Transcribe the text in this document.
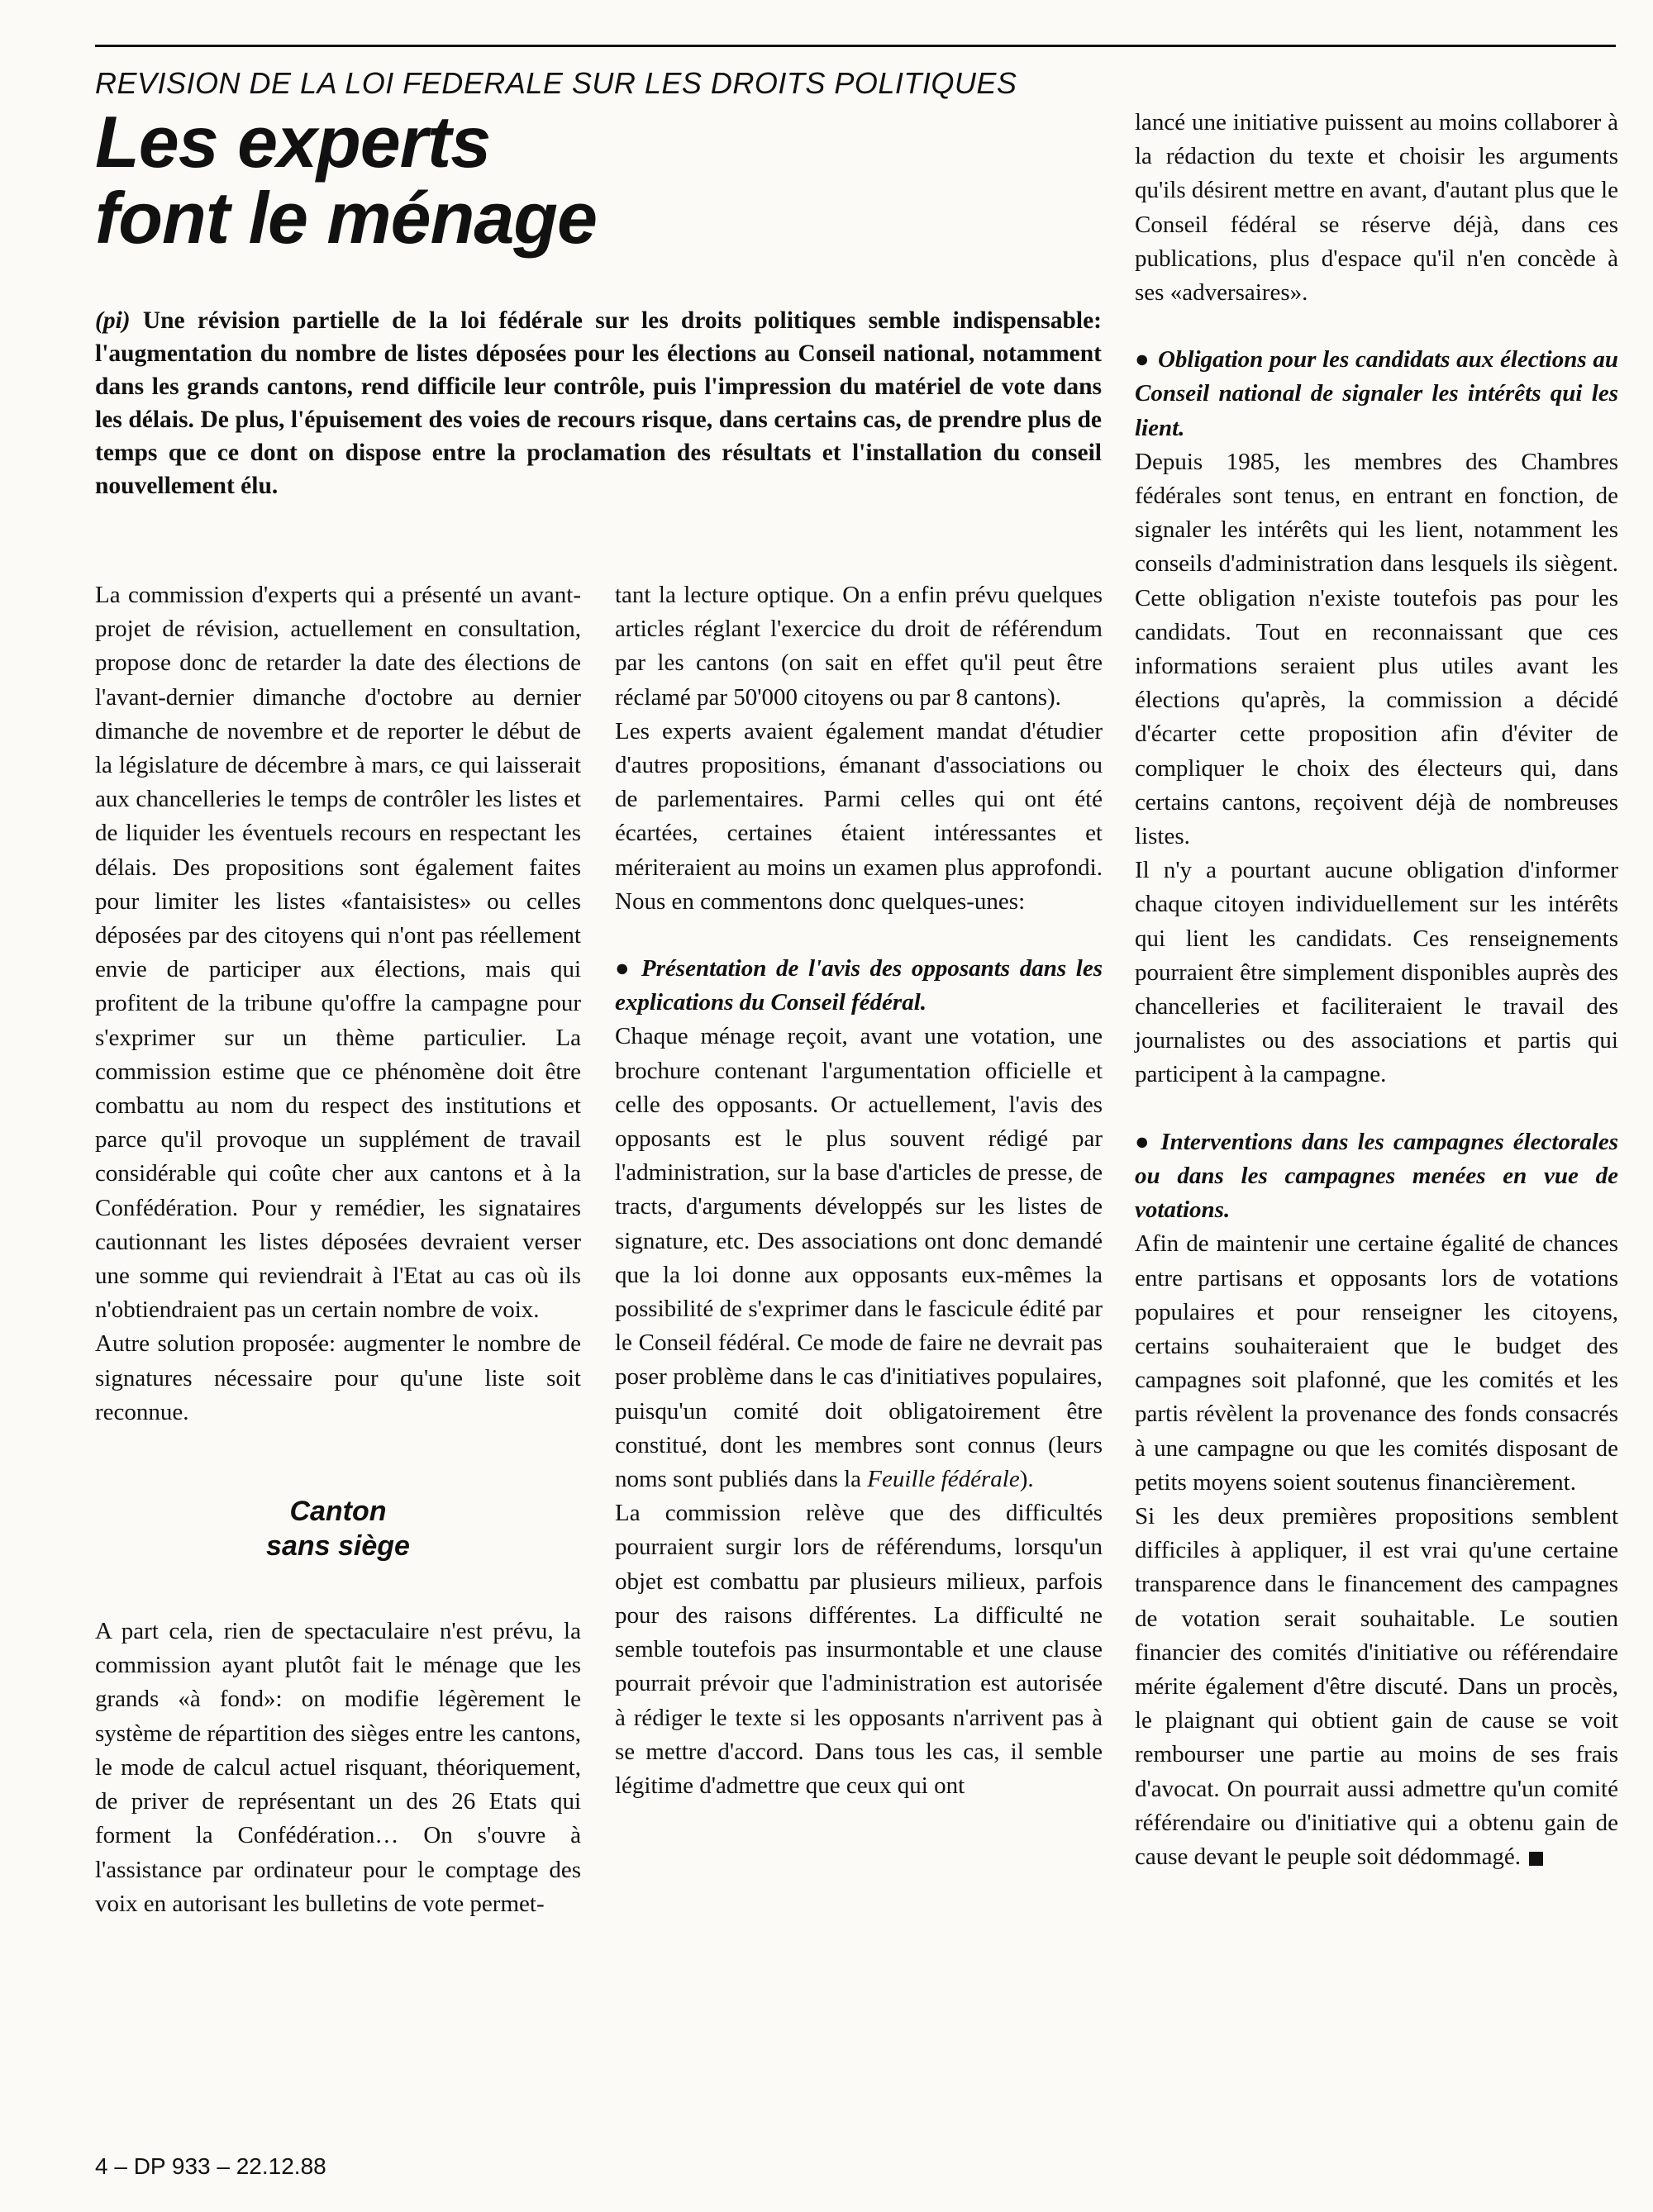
REVISION DE LA LOI FEDERALE SUR LES DROITS POLITIQUES
Les experts
font le ménage
(pi) Une révision partielle de la loi fédérale sur les droits politiques semble indispensable: l'augmentation du nombre de listes déposées pour les élections au Conseil national, notamment dans les grands cantons, rend difficile leur contrôle, puis l'impression du matériel de vote dans les délais. De plus, l'épuisement des voies de recours risque, dans certains cas, de prendre plus de temps que ce dont on dispose entre la proclamation des résultats et l'installation du conseil nouvellement élu.

La commission d'experts qui a présenté un avant-projet de révision, actuellement en consultation, propose donc de retarder la date des élections de l'avant-dernier dimanche d'octobre au dernier dimanche de novembre et de reporter le début de la législature de décembre à mars, ce qui laisserait aux chancelleries le temps de contrôler les listes et de liquider les éventuels recours en respectant les délais. Des propositions sont également faites pour limiter les listes «fantaisistes» ou celles déposées par des citoyens qui n'ont pas réellement envie de participer aux élections, mais qui profitent de la tribune qu'offre la campagne pour s'exprimer sur un thème particulier. La commission estime que ce phénomène doit être combattu au nom du respect des institutions et parce qu'il provoque un supplément de travail considérable qui coûte cher aux cantons et à la Confédération. Pour y remédier, les signataires cautionnant les listes déposées devraient verser une somme qui reviendrait à l'Etat au cas où ils n'obtiendraient pas un certain nombre de voix.

Autre solution proposée: augmenter le nombre de signatures nécessaire pour qu'une liste soit reconnue.

Canton
sans siège

A part cela, rien de spectaculaire n'est prévu, la commission ayant plutôt fait le ménage que les grands «à fond»: on modifie légèrement le système de répartition des sièges entre les cantons, le mode de calcul actuel risquant, théoriquement, de priver de représentant un des 26 Etats qui forment la Confédération… On s'ouvre à l'assistance par ordinateur pour le comptage des voix en autorisant les bulletins de vote permet-

tant la lecture optique. On a enfin prévu quelques articles réglant l'exercice du droit de référendum par les cantons (on sait en effet qu'il peut être réclamé par 50'000 citoyens ou par 8 cantons).

Les experts avaient également mandat d'étudier d'autres propositions, émanant d'associations ou de parlementaires. Parmi celles qui ont été écartées, certaines étaient intéressantes et mériteraient au moins un examen plus approfondi. Nous en commentons donc quelques-unes:

● Présentation de l'avis des opposants dans les explications du Conseil fédéral.

Chaque ménage reçoit, avant une votation, une brochure contenant l'argumentation officielle et celle des opposants. Or actuellement, l'avis des opposants est le plus souvent rédigé par l'administration, sur la base d'articles de presse, de tracts, d'arguments développés sur les listes de signature, etc. Des associations ont donc demandé que la loi donne aux opposants eux-mêmes la possibilité de s'exprimer dans le fascicule édité par le Conseil fédéral. Ce mode de faire ne devrait pas poser problème dans le cas d'initiatives populaires, puisqu'un comité doit obligatoirement être constitué, dont les membres sont connus (leurs noms sont publiés dans la Feuille fédérale).

La commission relève que des difficultés pourraient surgir lors de référendums, lorsqu'un objet est combattu par plusieurs milieux, parfois pour des raisons différentes. La difficulté ne semble toutefois pas insurmontable et une clause pourrait prévoir que l'administration est autorisée à rédiger le texte si les opposants n'arrivent pas à se mettre d'accord. Dans tous les cas, il semble légitime d'admettre que ceux qui ont

lancé une initiative puissent au moins collaborer à la rédaction du texte et choisir les arguments qu'ils désirent mettre en avant, d'autant plus que le Conseil fédéral se réserve déjà, dans ces publications, plus d'espace qu'il n'en concède à ses «adversaires».

● Obligation pour les candidats aux élections au Conseil national de signaler les intérêts qui les lient.

Depuis 1985, les membres des Chambres fédérales sont tenus, en entrant en fonction, de signaler les intérêts qui les lient, notamment les conseils d'administration dans lesquels ils siègent. Cette obligation n'existe toutefois pas pour les candidats. Tout en reconnaissant que ces informations seraient plus utiles avant les élections qu'après, la commission a décidé d'écarter cette proposition afin d'éviter de compliquer le choix des électeurs qui, dans certains cantons, reçoivent déjà de nombreuses listes.

Il n'y a pourtant aucune obligation d'informer chaque citoyen individuellement sur les intérêts qui lient les candidats. Ces renseignements pourraient être simplement disponibles auprès des chancelleries et faciliteraient le travail des journalistes ou des associations et partis qui participent à la campagne.

● Interventions dans les campagnes électorales ou dans les campagnes menées en vue de votations.

Afin de maintenir une certaine égalité de chances entre partisans et opposants lors de votations populaires et pour renseigner les citoyens, certains souhaiteraient que le budget des campagnes soit plafonné, que les comités et les partis révèlent la provenance des fonds consacrés à une campagne ou que les comités disposant de petits moyens soient soutenus financièrement.

Si les deux premières propositions semblent difficiles à appliquer, il est vrai qu'une certaine transparence dans le financement des campagnes de votation serait souhaitable. Le soutien financier des comités d'initiative ou référendaire mérite également d'être discuté. Dans un procès, le plaignant qui obtient gain de cause se voit rembourser une partie au moins de ses frais d'avocat. On pourrait aussi admettre qu'un comité référendaire ou d'initiative qui a obtenu gain de cause devant le peuple soit dédommagé.

4 – DP 933 – 22.12.88
